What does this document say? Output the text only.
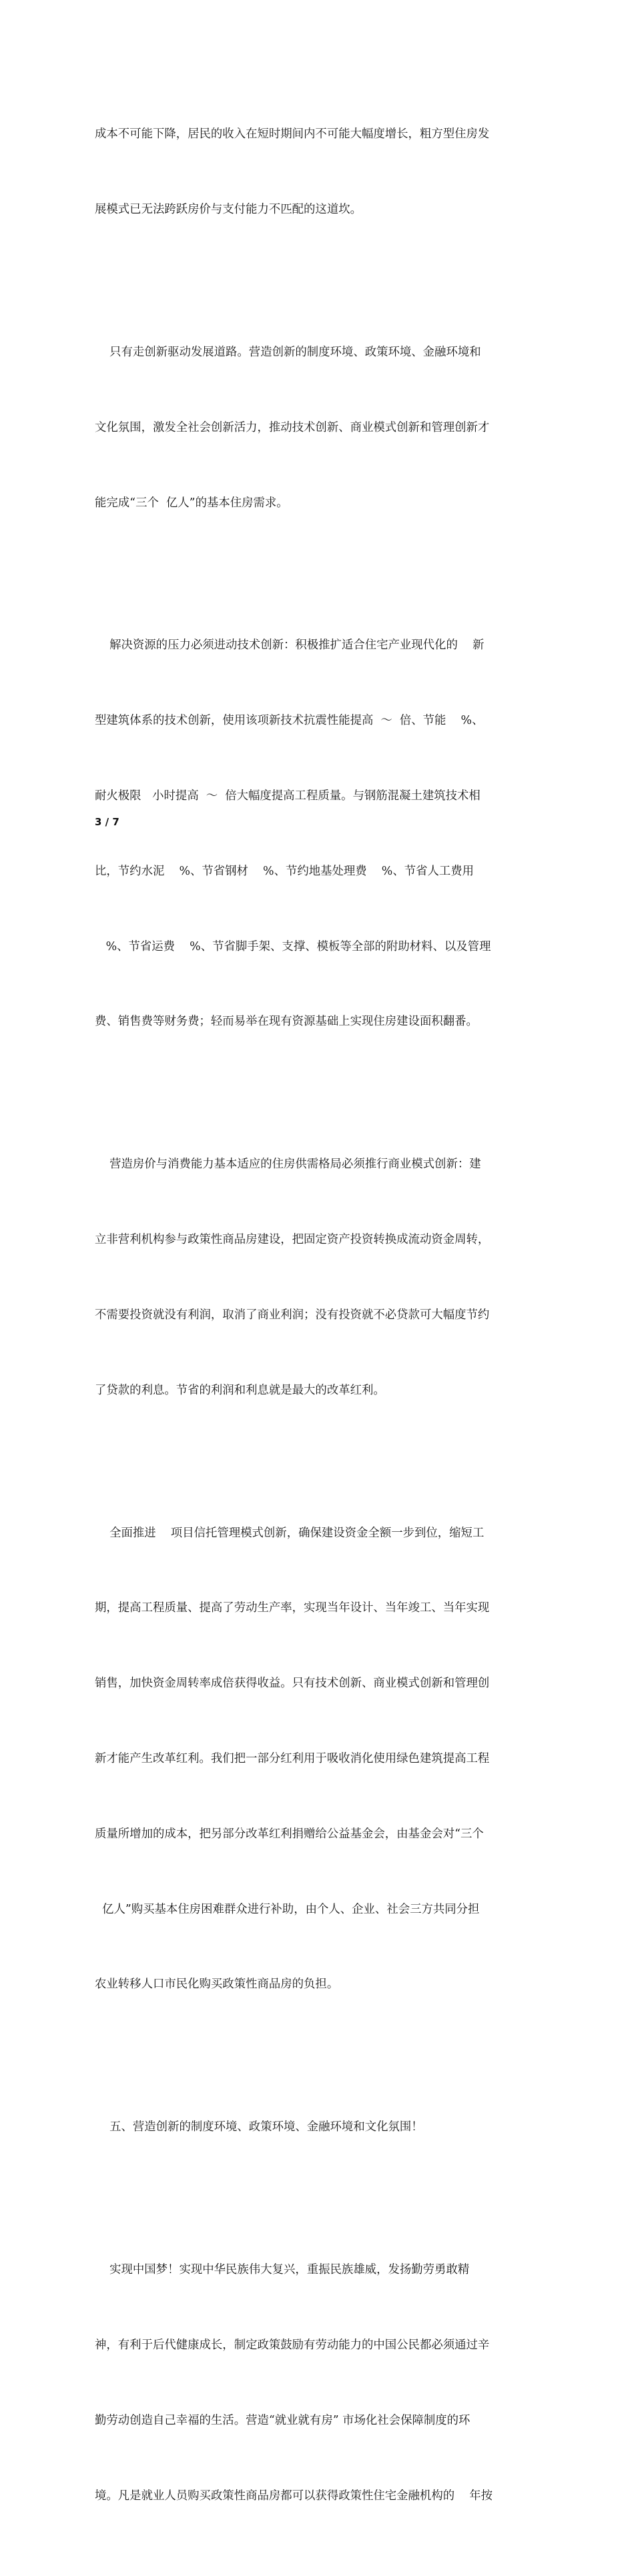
成本不可能下降，居民的收入在短时期间内不可能大幅度增长，粗方型住房发

展模式已无法跨跃房价与支付能力不匹配的这道坎。

只有走创新驱动发展道路。营造创新的制度环境、政策环境、金融环境和

文化氛围，激发全社会创新活力，推动技术创新、商业模式创新和管理创新才

能完成“三个  亿人”的基本住房需求。

解决资源的压力必须进动技术创新：积极推扩适合住宅产业现代化的    新

型建筑体系的技术创新，使用该项新技术抗震性能提高  ～  倍、节能    %、

耐火极限   小时提高  ～  倍大幅度提高工程质量。与钢筋混凝土建筑技术相

比，节约水泥    %、节省钢材    %、节约地基处理费    %、节省人工费用

%、节省运费    %、节省脚手架、支撑、模板等全部的附助材料、以及管理

费、销售费等财务费；轻而易举在现有资源基础上实现住房建设面积翻番。

营造房价与消费能力基本适应的住房供需格局必须推行商业模式创新：建

立非营利机构参与政策性商品房建设，把固定资产投资转换成流动资金周转，

不需要投资就没有利润，取消了商业利润；没有投资就不必贷款可大幅度节约

了贷款的利息。节省的利润和利息就是最大的改革红利。

全面推进    项目信托管理模式创新，确保建设资金全额一步到位，缩短工

期，提高工程质量、提高了劳动生产率，实现当年设计、当年竣工、当年实现

销售，加快资金周转率成倍获得收益。只有技术创新、商业模式创新和管理创

新才能产生改革红利。我们把一部分红利用于吸收消化使用绿色建筑提高工程

质量所增加的成本，把另部分改革红利捐赠给公益基金会，由基金会对“三个

亿人”购买基本住房困难群众进行补助，由个人、企业、社会三方共同分担

农业转移人口市民化购买政策性商品房的负担。

五、营造创新的制度环境、政策环境、金融环境和文化氛围！

实现中国梦！实现中华民族伟大复兴，重振民族雄威，发扬勤劳勇敢精

神，有利于后代健康成长，制定政策鼓励有劳动能力的中国公民都必须通过辛

勤劳动创造自己幸福的生活。营造“就业就有房” 市场化社会保障制度的环

境。凡是就业人员购买政策性商品房都可以获得政策性住宅金融机构的    年按

3 / 7
